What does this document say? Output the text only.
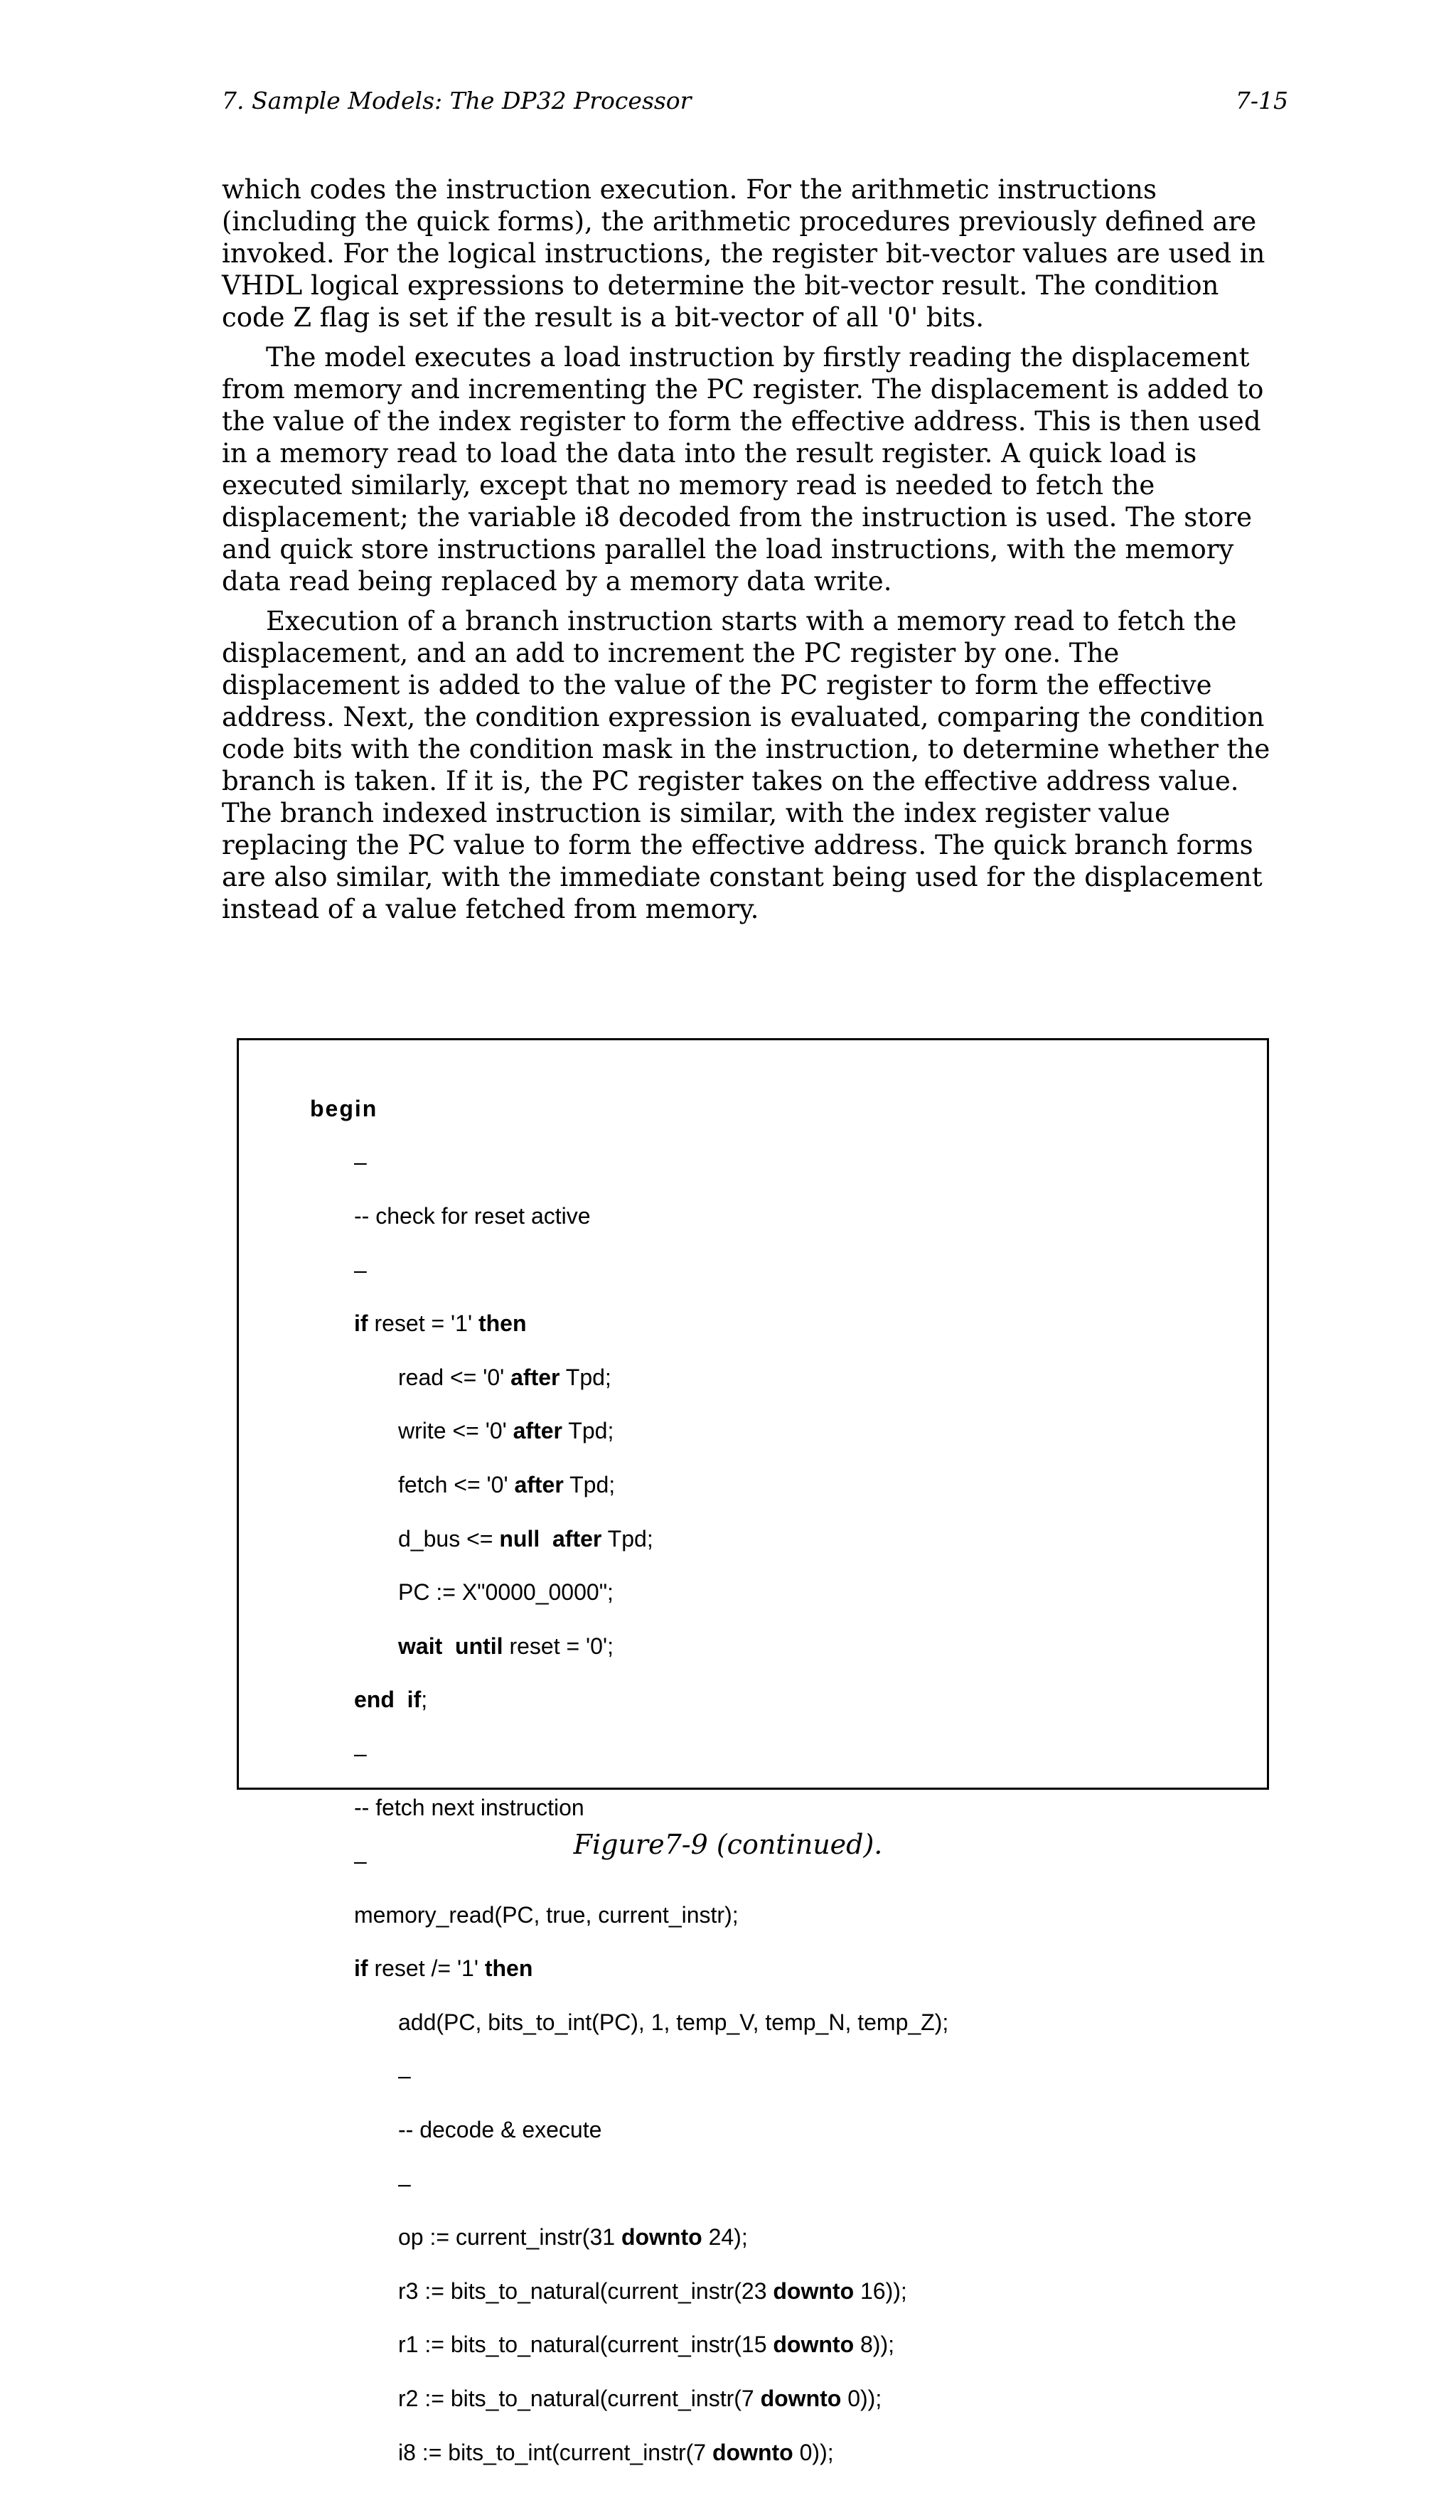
7. Sample Models: The DP32 Processor	7-15

which codes the instruction execution. For the arithmetic instructions (including the quick forms), the arithmetic procedures previously defined are invoked. For the logical instructions, the register bit-vector values are used in VHDL logical expressions to determine the bit-vector result. The condition code Z flag is set if the result is a bit-vector of all '0' bits.

The model executes a load instruction by firstly reading the displacement from memory and incrementing the PC register. The displacement is added to the value of the index register to form the effective address. This is then used in a memory read to load the data into the result register. A quick load is executed similarly, except that no memory read is needed to fetch the displacement; the variable i8 decoded from the instruction is used. The store and quick store instructions parallel the load instructions, with the memory data read being replaced by a memory data write.

Execution of a branch instruction starts with a memory read to fetch the displacement, and an add to increment the PC register by one. The displacement is added to the value of the PC register to form the effective address. Next, the condition expression is evaluated, comparing the condition code bits with the condition mask in the instruction, to determine whether the branch is taken. If it is, the PC register takes on the effective address value. The branch indexed instruction is similar, with the index register value replacing the PC value to form the effective address. The quick branch forms are also similar, with the immediate constant being used for the displacement instead of a value fetched from memory.

begin

–

-- check for reset active

–

if reset = '1' then

read <= '0' after Tpd;

write <= '0' after Tpd;

fetch <= '0' after Tpd;

d_bus <= null after Tpd;

PC := X"0000_0000";

wait until reset = '0';

end if;

–

-- fetch next instruction

–

memory_read(PC, true, current_instr);

if reset /= '1' then

add(PC, bits_to_int(PC), 1, temp_V, temp_N, temp_Z);

–

-- decode & execute

–

op := current_instr(31 downto 24);

r3 := bits_to_natural(current_instr(23 downto 16));

r1 := bits_to_natural(current_instr(15 downto 8));

r2 := bits_to_natural(current_instr(7 downto 0));

i8 := bits_to_int(current_instr(7 downto 0));

Figure7-9 (continued).
